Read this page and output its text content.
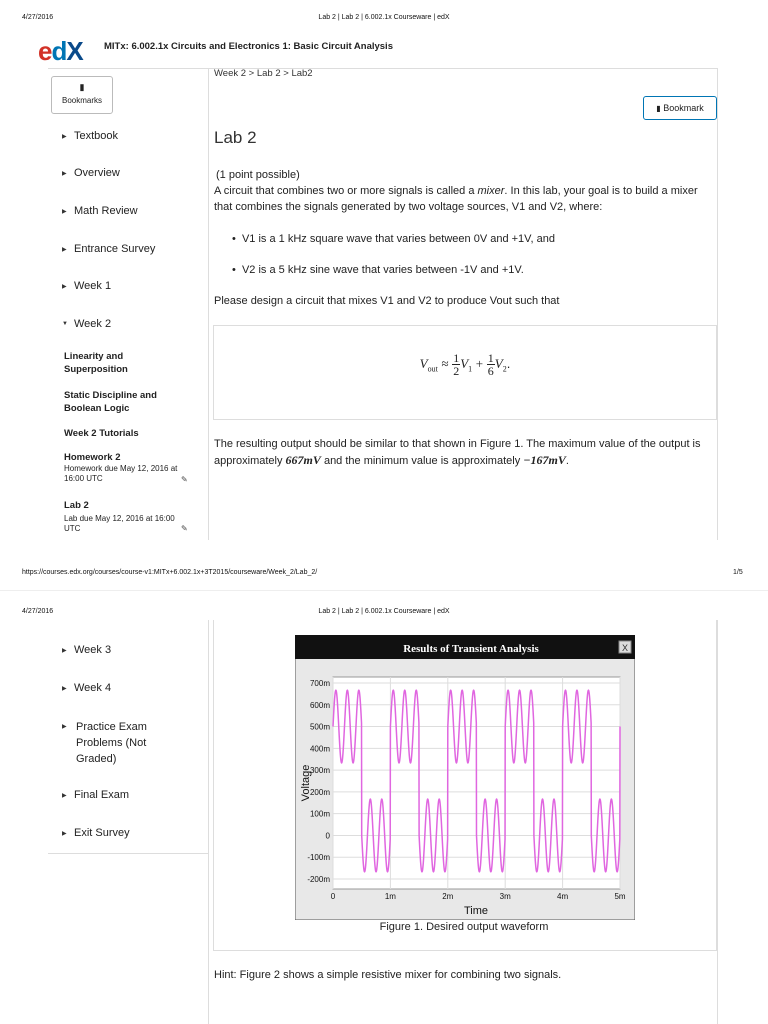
4/27/2016	Lab 2 | Lab 2 | 6.002.1x Courseware | edX
edX MITx: 6.002.1x Circuits and Electronics 1: Basic Circuit Analysis
▮
Bookmarks
▶ Textbook
▶ Overview
▶ Math Review
▶ Entrance Survey
▶ Week 1
▼ Week 2
Linearity and Superposition
Static Discipline and Boolean Logic
Week 2 Tutorials
Homework 2
Homework due May 12, 2016 at 16:00 UTC	✎
Lab 2
Lab due May 12, 2016 at 16:00 UTC	✎
Week 2 > Lab 2 > Lab2
▮ Bookmark
Lab 2
(1 point possible)
A circuit that combines two or more signals is called a mixer. In this lab, your goal is to build a mixer that combines the signals generated by two voltage sources, V1 and V2, where:
•  V1 is a 1 kHz square wave that varies between 0V and +1V, and
•  V2 is a 5 kHz sine wave that varies between -1V and +1V.
Please design a circuit that mixes V1 and V2 to produce Vout such that
$V_{out} \approx \frac{1}{2} V_1 + \frac{1}{6} V_2$.
The resulting output should be similar to that shown in Figure 1. The maximum value of the output is approximately 667mV and the minimum value is approximately −167mV.
https://courses.edx.org/courses/course-v1:MITx+6.002.1x+3T2015/courseware/Week_2/Lab_2/	1/5
4/27/2016	Lab 2 | Lab 2 | 6.002.1x Courseware | edX
▶ Week 3
▶ Week 4
▶ Practice Exam Problems (Not Graded)
▶ Final Exam
▶ Exit Survey
Results of Transient Analysis	X
-200m
-100m
0
100m
200m
300m
400m
500m
600m
700m
0	1m	2m	3m	4m	5m
Time
Voltage
Figure 1. Desired output waveform
Hint: Figure 2 shows a simple resistive mixer for combining two signals.
